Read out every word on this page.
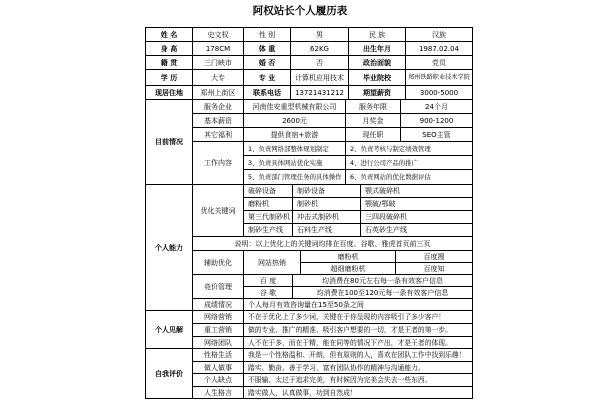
阿权站长个人履历表
姓 名	史文权	性 别	男	民 族	汉族
身 高	178CM	体 重	62KG	出生年月	1987.02.04
籍 贯	三门峡市	婚 否	否	政治面貌	党员
学 历	大专	专 业	计算机应用技术	毕业院校	郑州铁路职业技术学院
现居住地	郑州上街区	联系电话	13721431212	期望薪资	3000-5000
目前情况	服务企业	河南佳安重型机械有限公司	服务年限	24个月
	基本薪资	2600元	月奖金	900-1200
	其它福利	提供食宿+旅游	现任职	SEO主管
	工作内容	1、负责网络部整体规划制定	2、负责考核与制定绩效管理	
		3、负责具体网站优化实施	4、进行公司产品的推广	
		5、负责部门管理任务的具体操作	6、负责网站的优化数据评估	
个人能力	优化关键词	破碎设备	制砂设备		颚式破碎机	
		磨粉机	制砂机		颚破/鄂破	
		第三代制砂机	冲击式制砂机		三四段破碎机	
		制砂生产线	石料生产线		石英砂生产线	
	说明：以上优化上的关键词均排在百度、谷歌、雅虎首页前三页					
	辅助优化	网站热销		磨粉机		百度搜
				超细磨粉机		百度知
	竞价管理	百 度	均消费在80元左右每一条有效客户信息			
		谷 歌	均消费在100至120元每一条有效客户信息			
	成绩情况	个人每月有效咨询量在15至50条之间				
个人见解	网络营销	不在于优化上了多少词，关键在于你呈现的内容吸引了多少客户！
	重工营销	做的专业、推广的精准、吸引客户想要的一切，才是王者的第一步。
	网络团队	人不在于多，而在于精，能在同等的情况下产出，才是王者的体现。
自我评价	性格生活	我是一个性格温和、开朗，但有原则的人，喜欢在团队工作中找到乐趣！
	做人做事	踏实、勤奋、善于学习，富有团队协作的精神与沟通能力。
	个人缺点	不服输、太过于追求完美，有时候因为完美会失去一些东西。
	人生格言	踏实做人，认真做事，功到自然成！
